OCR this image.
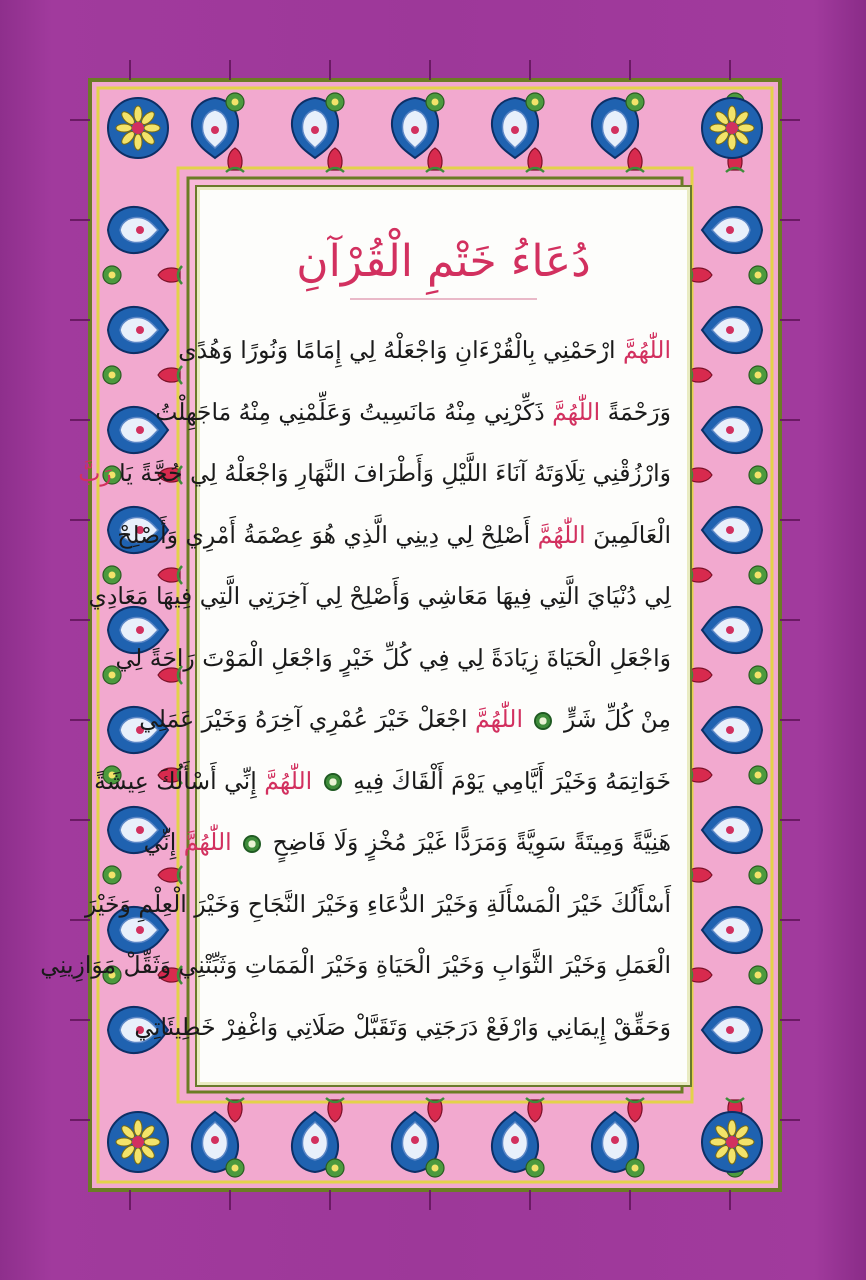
دُعَاءُ خَتْمِ الْقُرْآنِ
اللّٰهُمَّ ارْحَمْنِي بِالْقُرْءَانِ وَاجْعَلْهُ لِي إِمَامًا وَنُورًا وَهُدًى
وَرَحْمَةً اللّٰهُمَّ ذَكِّرْنِي مِنْهُ مَانَسِيتُ وَعَلِّمْنِي مِنْهُ مَاجَهِلْتُ
وَارْزُقْنِي تِلَاوَتَهُ آنَاءَ اللَّيْلِ وَأَطْرَافَ النَّهَارِ وَاجْعَلْهُ لِي حُجَّةً يَا رَبَّ
الْعَالَمِينَ اللّٰهُمَّ أَصْلِحْ لِي دِينِي الَّذِي هُوَ عِصْمَةُ أَمْرِي وَأَصْلِحْ
لِي دُنْيَايَ الَّتِي فِيهَا مَعَاشِي وَأَصْلِحْ لِي آخِرَتِي الَّتِي فِيهَا مَعَادِي
وَاجْعَلِ الْحَيَاةَ زِيَادَةً لِي فِي كُلِّ خَيْرٍ وَاجْعَلِ الْمَوْتَ رَاحَةً لِي
مِنْ كُلِّ شَرٍّ  اللّٰهُمَّ اجْعَلْ خَيْرَ عُمْرِي آخِرَهُ وَخَيْرَ عَمَلِي
خَوَاتِمَهُ وَخَيْرَ أَيَّامِي يَوْمَ أَلْقَاكَ فِيهِ  اللّٰهُمَّ إِنِّي أَسْأَلُكَ عِيشَةً
هَنِيَّةً وَمِيتَةً سَوِيَّةً وَمَرَدًّا غَيْرَ مُخْزٍ وَلَا فَاضِحٍ  اللّٰهُمَّ إِنِّي
أَسْأَلُكَ خَيْرَ الْمَسْأَلَةِ وَخَيْرَ الدُّعَاءِ وَخَيْرَ النَّجَاحِ وَخَيْرَ الْعِلْمِ وَخَيْرَ
الْعَمَلِ وَخَيْرَ الثَّوَابِ وَخَيْرَ الْحَيَاةِ وَخَيْرَ الْمَمَاتِ وَثَبِّتْنِي وَثَقِّلْ مَوَازِينِي
وَحَقِّقْ إِيمَانِي وَارْفَعْ دَرَجَتِي وَتَقَبَّلْ صَلَاتِي وَاغْفِرْ خَطِيئَاتِي
